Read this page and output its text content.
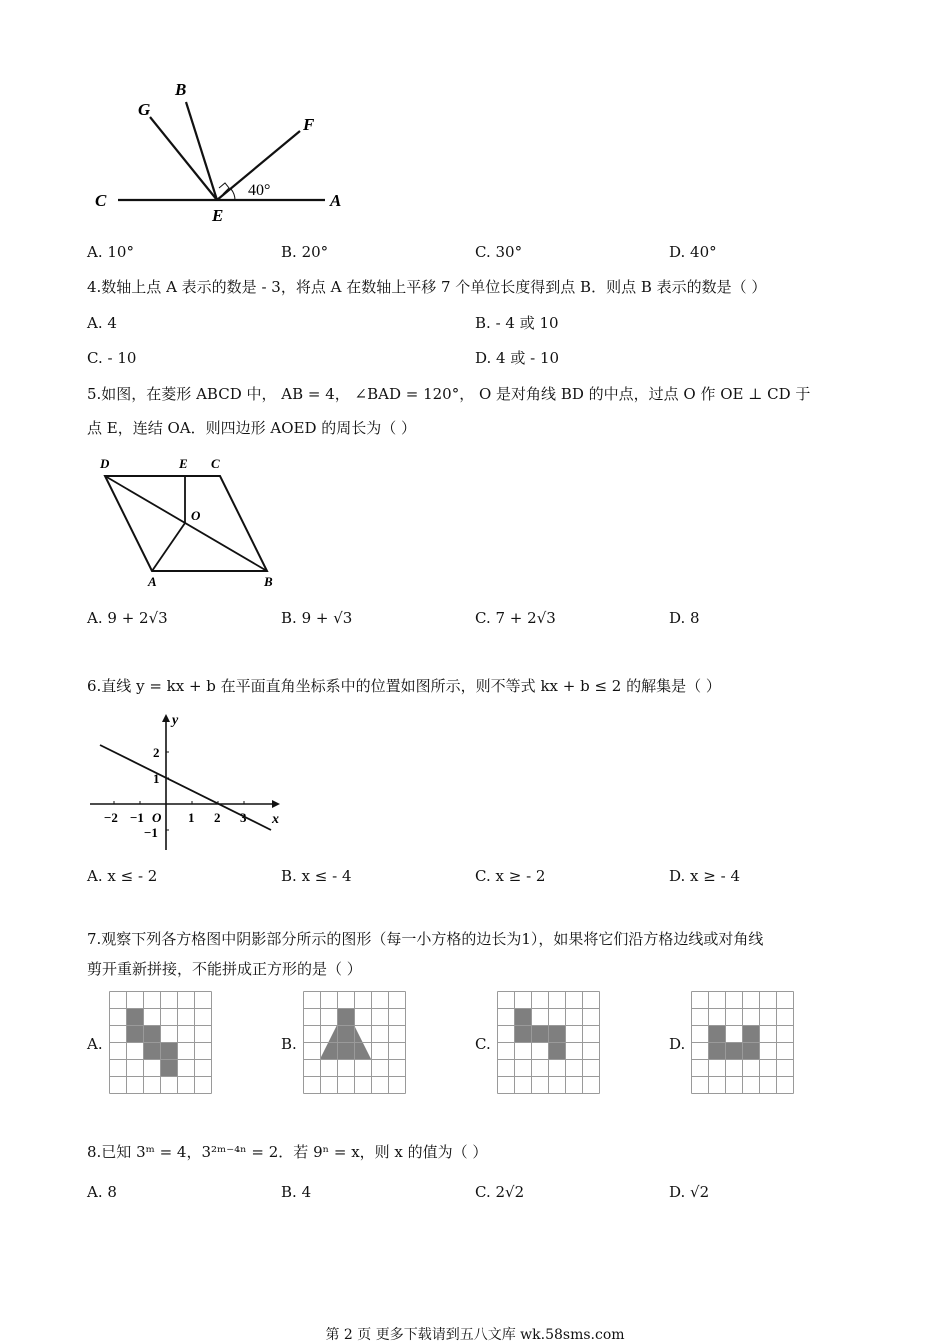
G
B
F
C
E
A
40°
A. 10°	B. 20°	C. 30°	D. 40°
4.数轴上点 A 表示的数是 - 3，将点 A 在数轴上平移 7 个单位长度得到点 B．则点 B 表示的数是（ ）
A. 4	B. - 4 或 10
C. - 10	D. 4 或 - 10
5.如图，在菱形 ABCD 中， AB = 4， ∠BAD = 120°， O 是对角线 BD 的中点，过点 O 作 OE ⊥ CD 于
点 E，连结 OA．则四边形 AOED 的周长为（ ）
D	E C
O
A	B
A. 9 + 2√3	B. 9 + √3	C. 7 + 2√3	D. 8
6.直线 y = kx + b 在平面直角坐标系中的位置如图所示，则不等式 kx + b ≤ 2 的解集是（ ）
y
x
2
1
−1
−2 −1 O 1 2 3
A. x ≤ - 2	B. x ≤ - 4	C. x ≥ - 2	D. x ≥ - 4
7.观察下列各方格图中阴影部分所示的图形（每一小方格的边长为1），如果将它们沿方格边线或对角线
剪开重新拼接，不能拼成正方形的是（ ）
A.	B.	C.	D.
8.已知 3ᵐ = 4，3²ᵐ⁻⁴ⁿ = 2．若 9ⁿ = x，则 x 的值为（ ）
A. 8	B. 4	C. 2√2	D. √2
第 2 页 更多下载请到五八文库 wk.58sms.com
